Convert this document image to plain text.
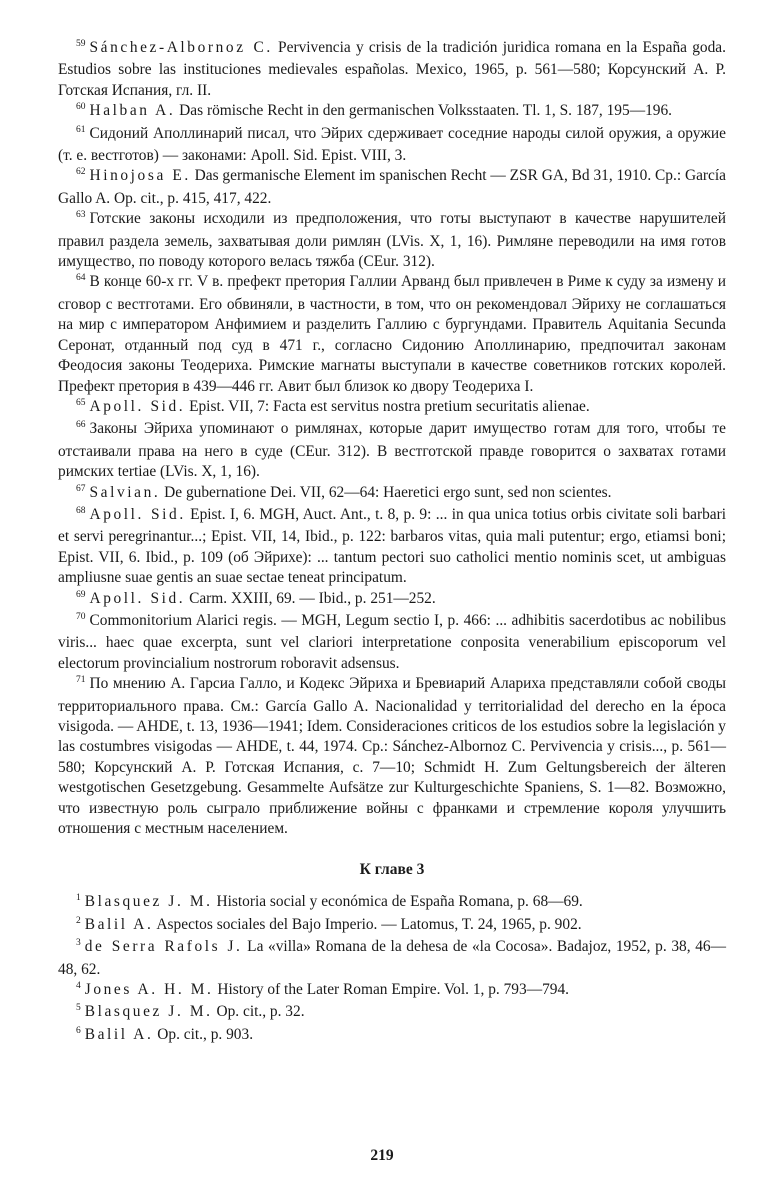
$^{59}$ Sánchez-Albornoz C. Pervivencia y crisis de la tradición juridica romana en la España goda. Estudios sobre las instituciones medievales españolas. Mexico, 1965, p. 561—580; Корсунский А. Р. Готская Испания, гл. II.

$^{60}$ Halban A. Das römische Recht in den germanischen Volksstaaten. Tl. 1, S. 187, 195—196.

$^{61}$ Сидоний Аполлинарий писал, что Эйрих сдерживает соседние народы силой оружия, а оружие (т. е. вестготов) — законами: Apoll. Sid. Epist. VIII, 3.

$^{62}$ Hinojosa E. Das germanische Element im spanischen Recht — ZSR GA, Bd 31, 1910. Ср.: García Gallo A. Op. cit., p. 415, 417, 422.

$^{63}$ Готские законы исходили из предположения, что готы выступают в качестве нарушителей правил раздела земель, захватывая доли римлян (LVis. X, 1, 16). Римляне переводили на имя готов имущество, по поводу которого велась тяжба (CEur. 312).

$^{64}$ В конце 60-х гг. V в. префект претория Галлии Арванд был привлечен в Риме к суду за измену и сговор с вестготами. Его обвиняли, в частности, в том, что он рекомендовал Эйриху не соглашаться на мир с императором Анфимием и разделить Галлию с бургундами. Правитель Aquitania Secunda Серонат, отданный под суд в 471 г., согласно Сидонию Аполлинарию, предпочитал законам Феодосия законы Теодериха. Римские магнаты выступали в качестве советников готских королей. Префект претория в 439—446 гг. Авит был близок ко двору Теодериха I.

$^{65}$ Apoll. Sid. Epist. VII, 7: Facta est servitus nostra pretium securitatis alienae.

$^{66}$ Законы Эйриха упоминают о римлянах, которые дарит имущество готам для того, чтобы те отстаивали права на него в суде (CEur. 312). В вестготской правде говорится о захватах готами римских tertiae (LVis. X, 1, 16).

$^{67}$ Salvian. De gubernatione Dei. VII, 62—64: Haeretici ergo sunt, sed non scientes.

$^{68}$ Apoll. Sid. Epist. I, 6. MGH, Auct. Ant., t. 8, p. 9: ... in qua unica totius orbis civitate soli barbari et servi peregrinantur...; Epist. VII, 14, Ibid., p. 122: barbaros vitas, quia mali putentur; ergo, etiamsi boni; Epist. VII, 6. Ibid., p. 109 (об Эйрихе): ... tantum pectori suo catholici mentio nominis scet, ut ambiguas ampliusne suae gentis an suae sectae teneat principatum.

$^{69}$ Apoll. Sid. Carm. XXIII, 69. — Ibid., p. 251—252.

$^{70}$ Commonitorium Alarici regis. — MGH, Legum sectio I, p. 466: ... adhibitis sacerdotibus ac nobilibus viris... haec quae excerpta, sunt vel clariori interpretatione conposita venerabilium episcoporum vel electorum provincialium nostrorum roboravit adsensus.

$^{71}$ По мнению А. Гарсиа Галло, и Кодекс Эйриха и Бревиарий Алариха представляли собой своды территориального права. См.: García Gallo A. Nacionalidad y territorialidad del derecho en la época visigoda. — AHDE, t. 13, 1936—1941; Idem. Consideraciones criticos de los estudios sobre la legislación y las costumbres visigodas — AHDE, t. 44, 1974. Ср.: Sánchez-Albornoz C. Pervivencia y crisis..., p. 561—580; Корсунский А. Р. Готская Испания, с. 7—10; Schmidt H. Zum Geltungsbereich der älteren westgotischen Gesetzgebung. Gesammelte Aufsätze zur Kulturgeschichte Spaniens, S. 1—82. Возможно, что известную роль сыграло приближение войны с франками и стремление короля улучшить отношения с местным населением.

К главе 3

$^1$ Blasquez J. M. Historia social y económica de España Romana, p. 68—69.

$^2$ Balil A. Aspectos sociales del Bajo Imperio. — Latomus, T. 24, 1965, p. 902.

$^3$ de Serra Rafols J. La «villa» Romana de la dehesa de «la Cocosa». Badajoz, 1952, p. 38, 46—48, 62.

$^4$ Jones A. H. M. History of the Later Roman Empire. Vol. 1, p. 793—794.

$^5$ Blasquez J. M. Op. cit., p. 32.

$^6$ Balil A. Op. cit., p. 903.

219
